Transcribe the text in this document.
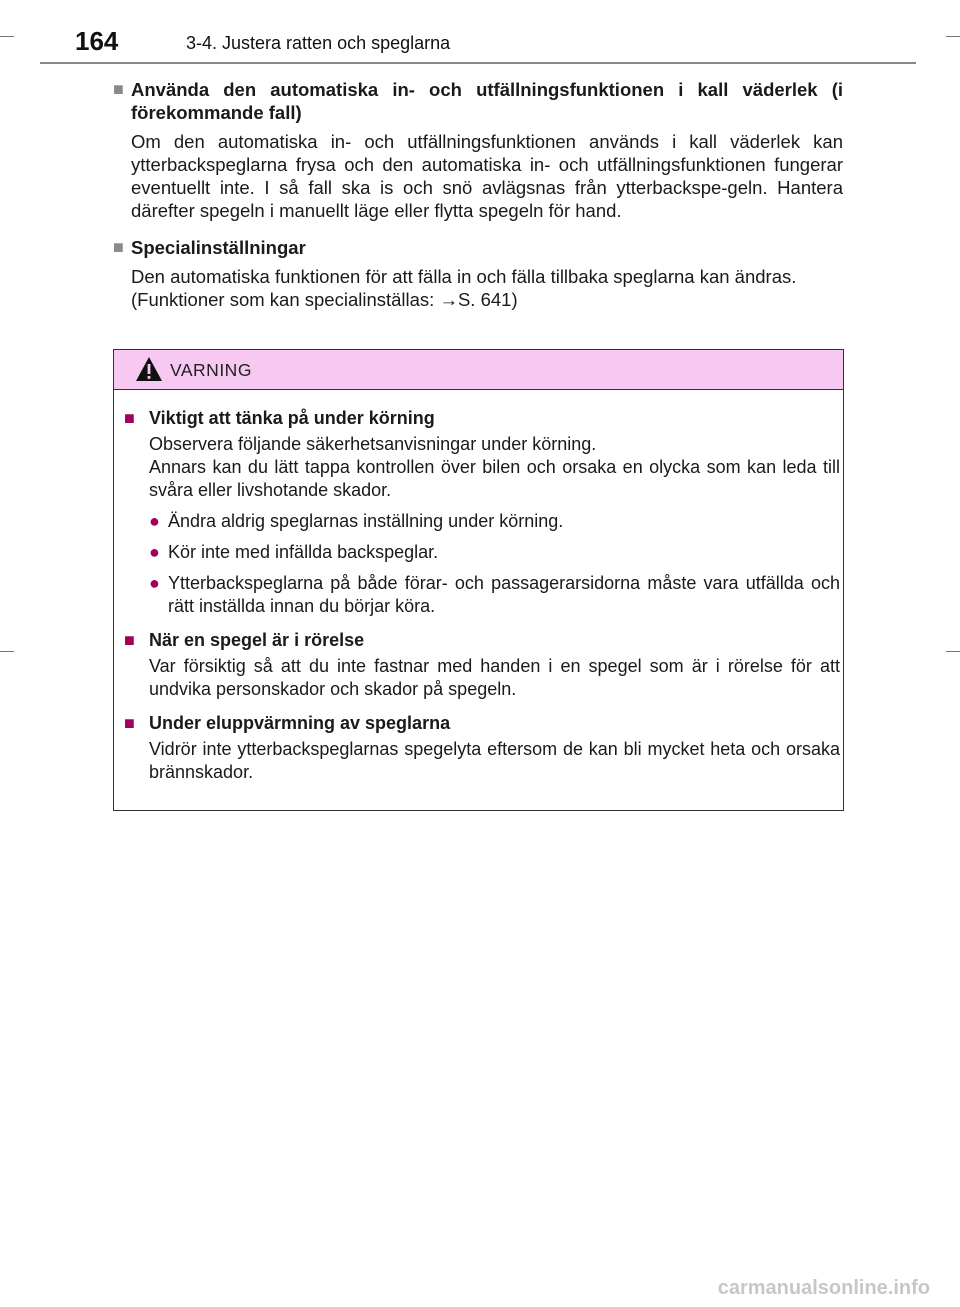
164	3-4. Justera ratten och speglarna
■ Använda den automatiska in- och utfällningsfunktionen i kall väderlek (i förekommande fall)

Om den automatiska in- och utfällningsfunktionen används i kall väderlek kan ytterbackspeglarna frysa och den automatiska in- och utfällningsfunktionen fungerar eventuellt inte. I så fall ska is och snö avlägsnas från ytterbackspe-geln. Hantera därefter spegeln i manuellt läge eller flytta spegeln för hand.

■ Specialinställningar

Den automatiska funktionen för att fälla in och fälla tillbaka speglarna kan ändras.

(Funktioner som kan specialinställas: →S. 641)

VARNING
■ Viktigt att tänka på under körning

Observera följande säkerhetsanvisningar under körning.

Annars kan du lätt tappa kontrollen över bilen och orsaka en olycka som kan leda till svåra eller livshotande skador.

● Ändra aldrig speglarnas inställning under körning.
● Kör inte med infällda backspeglar.
● Ytterbackspeglarna på både förar- och passagerarsidorna måste vara utfällda och rätt inställda innan du börjar köra.
■ När en spegel är i rörelse

Var försiktig så att du inte fastnar med handen i en spegel som är i rörelse för att undvika personskador och skador på spegeln.

■ Under eluppvärmning av speglarna

Vidrör inte ytterbackspeglarnas spegelyta eftersom de kan bli mycket heta och orsaka brännskador.

carmanualsonline.info
